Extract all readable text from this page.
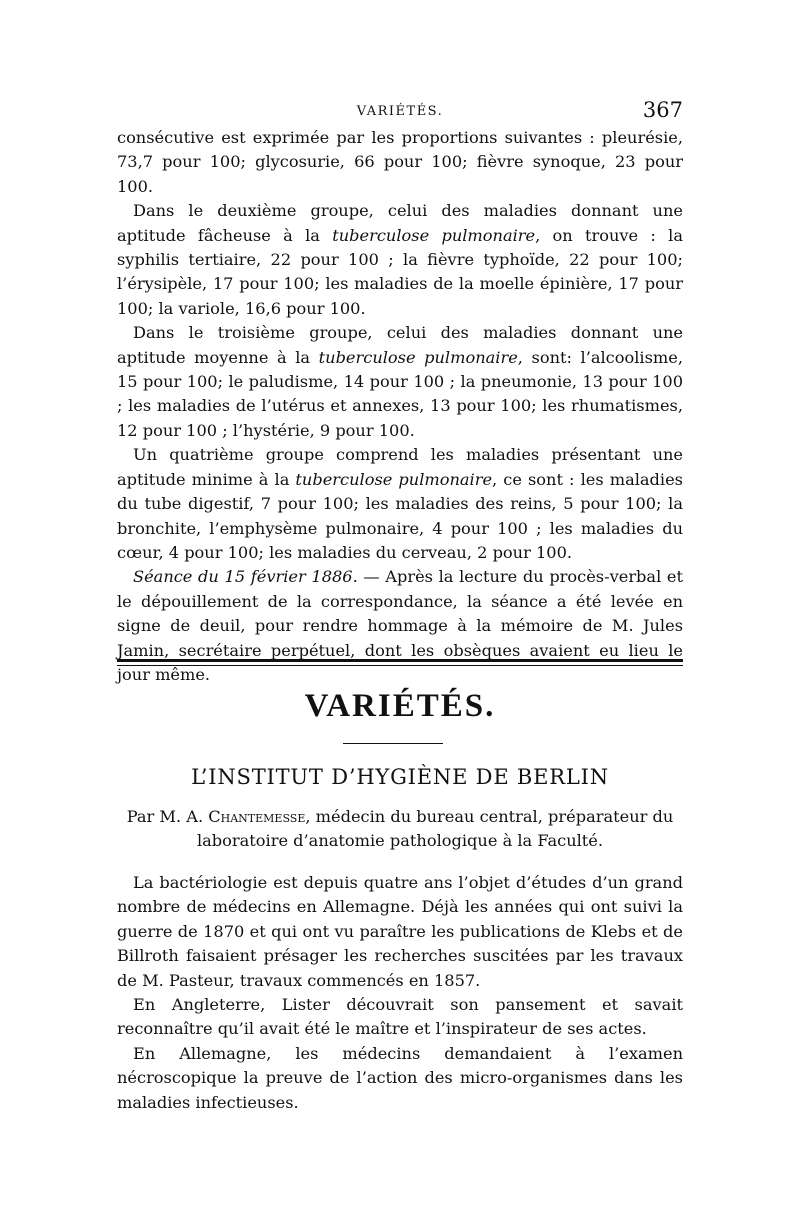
VARIÉTÉS.	367

consécutive est exprimée par les proportions suivantes : pleurésie, 73,7 pour 100; glycosurie, 66 pour 100; fièvre synoque, 23 pour 100.

Dans le deuxième groupe, celui des maladies donnant une aptitude fâcheuse à la tuberculose pulmonaire, on trouve : la syphilis tertiaire, 22 pour 100 ; la fièvre typhoïde, 22 pour 100; l’érysipèle, 17 pour 100; les maladies de la moelle épinière, 17 pour 100; la variole, 16,6 pour 100.

Dans le troisième groupe, celui des maladies donnant une aptitude moyenne à la tuberculose pulmonaire, sont: l’alcoolisme, 15 pour 100; le paludisme, 14 pour 100 ; la pneumonie, 13 pour 100 ; les maladies de l’utérus et annexes, 13 pour 100; les rhumatismes, 12 pour 100 ; l’hystérie, 9 pour 100.

Un quatrième groupe comprend les maladies présentant une aptitude minime à la tuberculose pulmonaire, ce sont : les maladies du tube digestif, 7 pour 100; les maladies des reins, 5 pour 100; la bronchite, l’emphysème pulmonaire, 4 pour 100 ; les maladies du cœur, 4 pour 100; les maladies du cerveau, 2 pour 100.

Séance du 15 février 1886. — Après la lecture du procès-verbal et le dépouillement de la correspondance, la séance a été levée en signe de deuil, pour rendre hommage à la mémoire de M. Jules Jamin, secrétaire perpétuel, dont les obsèques avaient eu lieu le jour même.

VARIÉTÉS.
L’INSTITUT D’HYGIÈNE DE BERLIN
Par M. A. Chantemesse, médecin du bureau central, préparateur du laboratoire d’anatomie pathologique à la Faculté.

La bactériologie est depuis quatre ans l’objet d’études d’un grand nombre de médecins en Allemagne. Déjà les années qui ont suivi la guerre de 1870 et qui ont vu paraître les publications de Klebs et de Billroth faisaient présager les recherches suscitées par les travaux de M. Pasteur, travaux commencés en 1857.

En Angleterre, Lister découvrait son pansement et savait reconnaître qu’il avait été le maître et l’inspirateur de ses actes.

En Allemagne, les médecins demandaient à l’examen nécroscopique la preuve de l’action des micro-organismes dans les maladies infectieuses.
